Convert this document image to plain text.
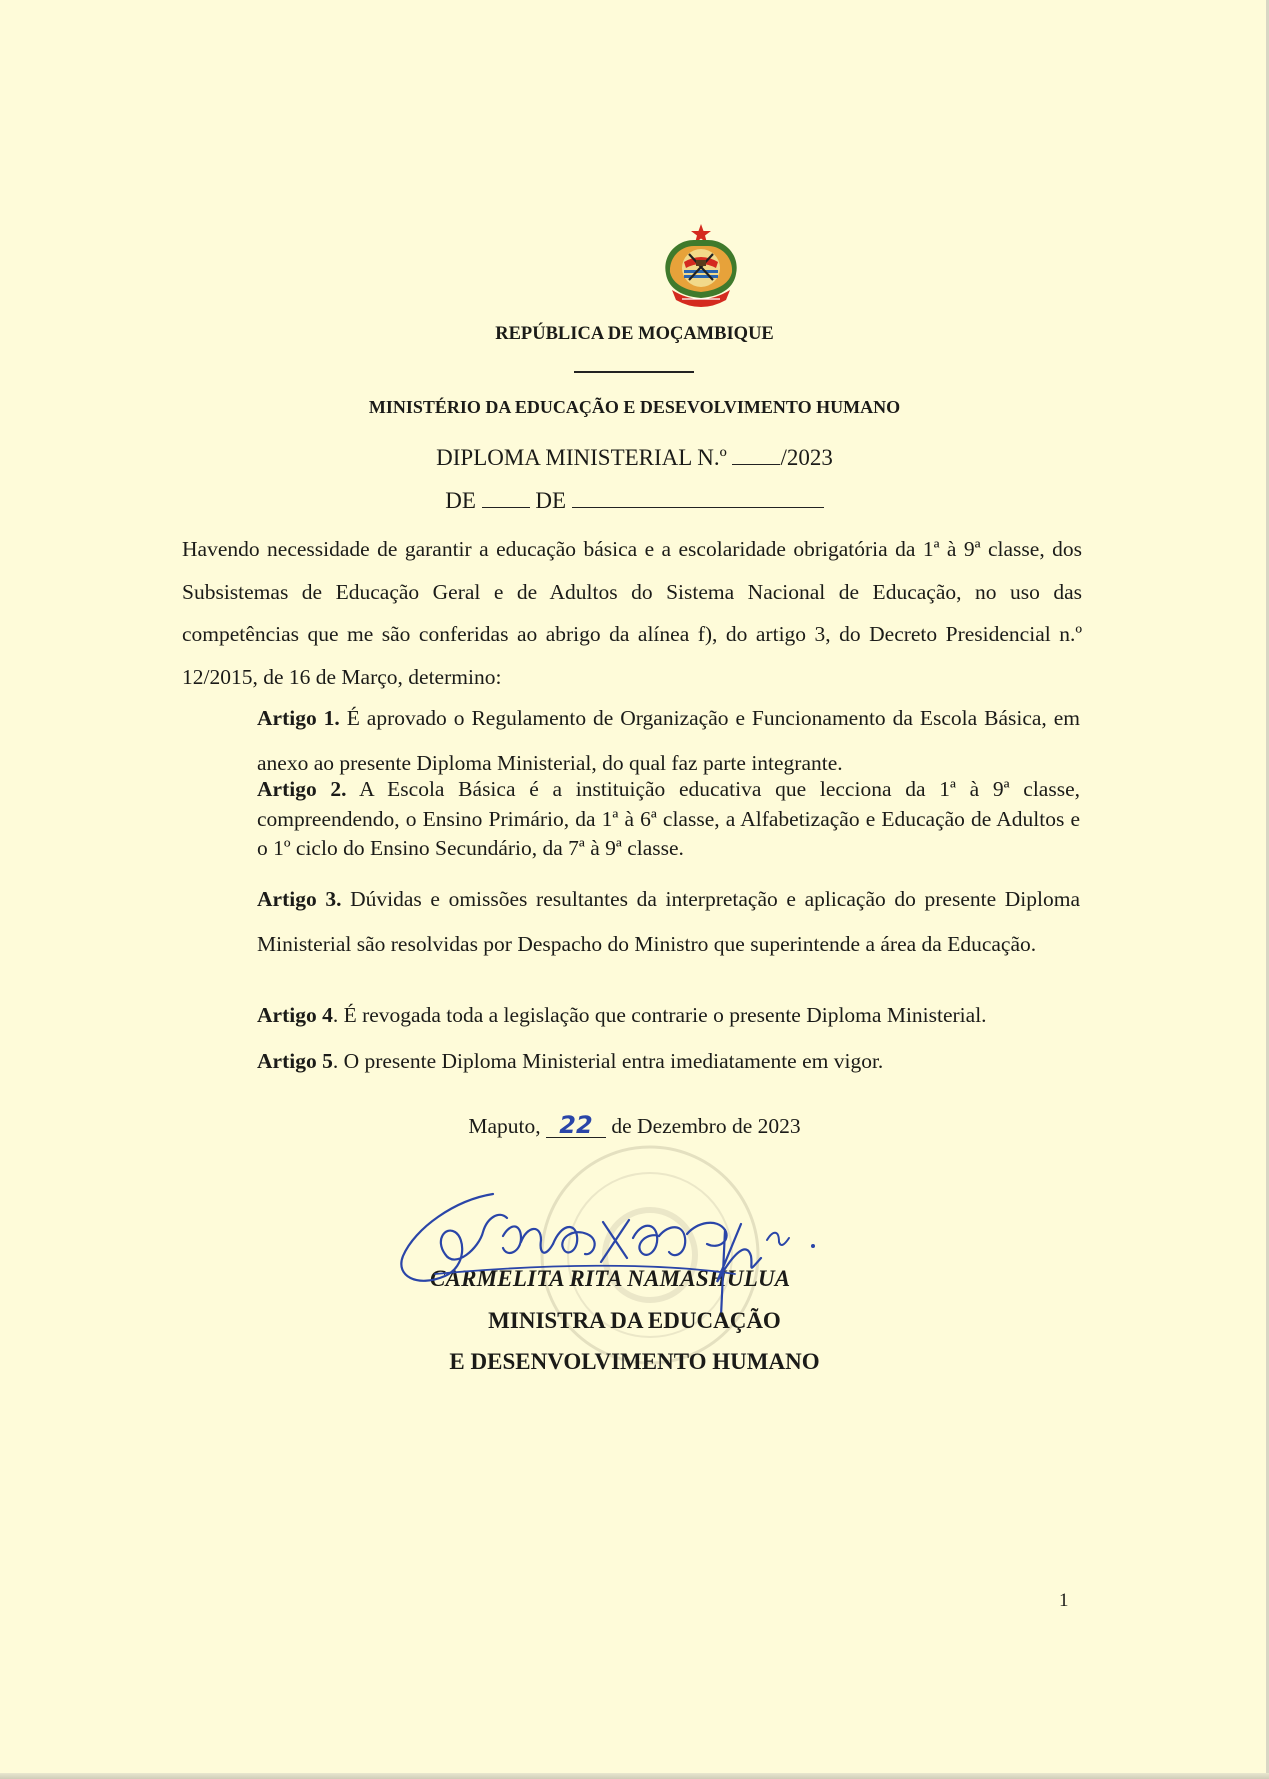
REPÚBLICA DE MOÇAMBIQUE
MINISTÉRIO DA EDUCAÇÃO E DESEVOLVIMENTO HUMANO
DIPLOMA MINISTERIAL N.º /2023
DE	DE
Havendo necessidade de garantir a educação básica e a escolaridade obrigatória da 1ª à 9ª classe, dos Subsistemas de Educação Geral e de Adultos do Sistema Nacional de Educação, no uso das competências que me são conferidas ao abrigo da alínea f), do artigo 3, do Decreto Presidencial n.º 12/2015, de 16 de Março, determino:
Artigo 1. É aprovado o Regulamento de Organização e Funcionamento da Escola Básica, em anexo ao presente Diploma Ministerial, do qual faz parte integrante.
Artigo 2. A Escola Básica é a instituição educativa que lecciona da 1ª à 9ª classe, compreendendo, o Ensino Primário, da 1ª à 6ª classe, a Alfabetização e Educação de Adultos e o 1º ciclo do Ensino Secundário, da 7ª à 9ª classe.
Artigo 3. Dúvidas e omissões resultantes da interpretação e aplicação do presente Diploma Ministerial são resolvidas por Despacho do Ministro que superintende a área da Educação.
Artigo 4. É revogada toda a legislação que contrarie o presente Diploma Ministerial.
Artigo 5. O presente Diploma Ministerial entra imediatamente em vigor.
Maputo, 22 de Dezembro de 2023
CARMELITA RITA NAMASHULUA
MINISTRA DA EDUCAÇÃO
E DESENVOLVIMENTO HUMANO
1
